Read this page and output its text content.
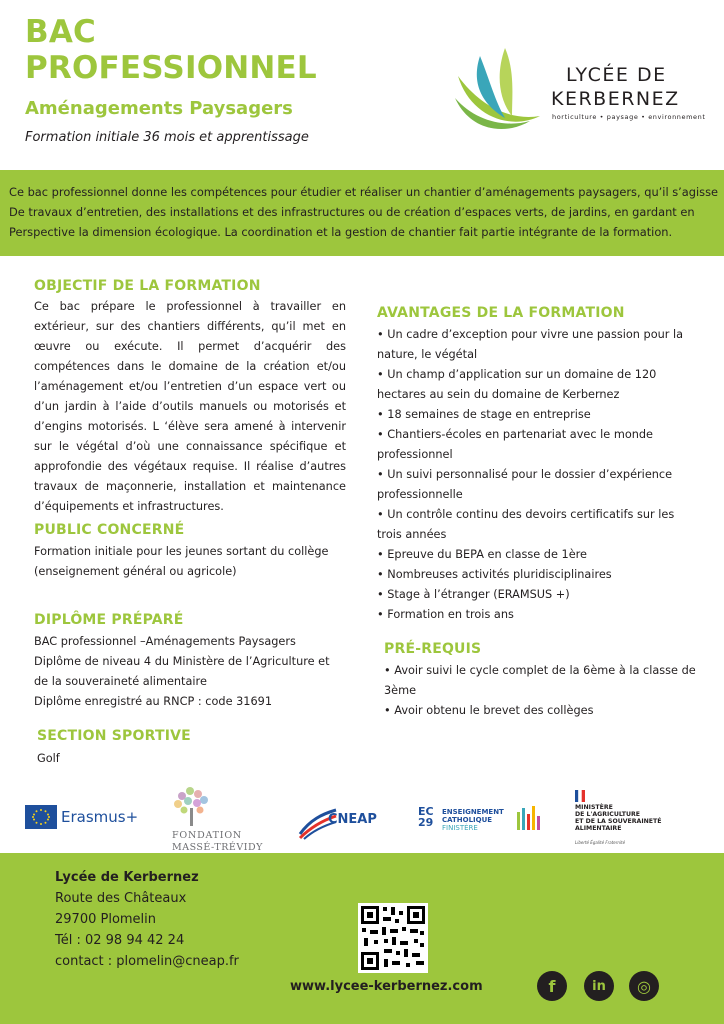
BAC
PROFESSIONNEL
Aménagements Paysagers
Formation initiale 36 mois et apprentissage
LYCÉE DE
KERBERNEZ
horticulture • paysage • environnement

Ce bac professionnel donne les compétences pour étudier et réaliser un chantier d’aménagements paysagers, qu’il s’agisse

De travaux d’entretien, des installations et des infrastructures ou de création d’espaces verts, de jardins, en gardant en

Perspective la dimension écologique. La coordination et la gestion de chantier fait partie intégrante de la formation.

OBJECTIF DE LA FORMATION
Ce bac prépare le professionnel à travailler en extérieur, sur des chantiers différents, qu’il met en œuvre ou exécute. Il permet d’acquérir des compétences dans le domaine de la création et/ou l’aménagement et/ou l’entretien d’un espace vert ou d’un jardin à l’aide d’outils manuels ou motorisés et d’engins motorisés. L ‘élève sera amené à intervenir sur le végétal d’où une connaissance spécifique et approfondie des végétaux requise. Il réalise d’autres travaux de maçonnerie, installation et maintenance d’équipements et infrastructures.
PUBLIC CONCERNÉ
Formation initiale pour les jeunes sortant du collège (enseignement général ou agricole)
DIPLÔME PRÉPARÉ
BAC professionnel –Aménagements Paysagers
Diplôme de niveau 4 du Ministère de l’Agriculture et
de la souveraineté alimentaire
Diplôme enregistré au RNCP : code 31691
SECTION SPORTIVE
Golf
AVANTAGES DE LA FORMATION
• Un cadre d’exception pour vivre une passion pour la nature, le végétal
• Un champ d’application sur un domaine de 120 hectares au sein du domaine de Kerbernez
• 18 semaines de stage en entreprise
• Chantiers-écoles en partenariat avec le monde professionnel
• Un suivi personnalisé pour le dossier d’expérience professionnelle
• Un contrôle continu des devoirs certificatifs sur les trois années
• Epreuve du BEPA en classe de 1ère
• Nombreuses activités pluridisciplinaires
• Stage à l’étranger (ERAMSUS +)
• Formation en trois ans
PRÉ-REQUIS
• Avoir suivi le cycle complet de la 6ème à la classe de 3ème
• Avoir obtenu le brevet des collèges
Erasmus+
FONDATION
MASSÉ-TRÉVIDY
CNEAP
EC 29
ENSEIGNEMENT
CATHOLIQUE
FINISTÈRE
MINISTÈRE
DE L'AGRICULTURE
ET DE LA SOUVERAINETÉ
ALIMENTAIRE
Liberté Égalité Fraternité
Lycée de Kerbernez
Route des Châteaux
29700 Plomelin
Tél : 02 98 94 42 24
contact : plomelin@cneap.fr
www.lycee-kerbernez.com	f	in ◎
